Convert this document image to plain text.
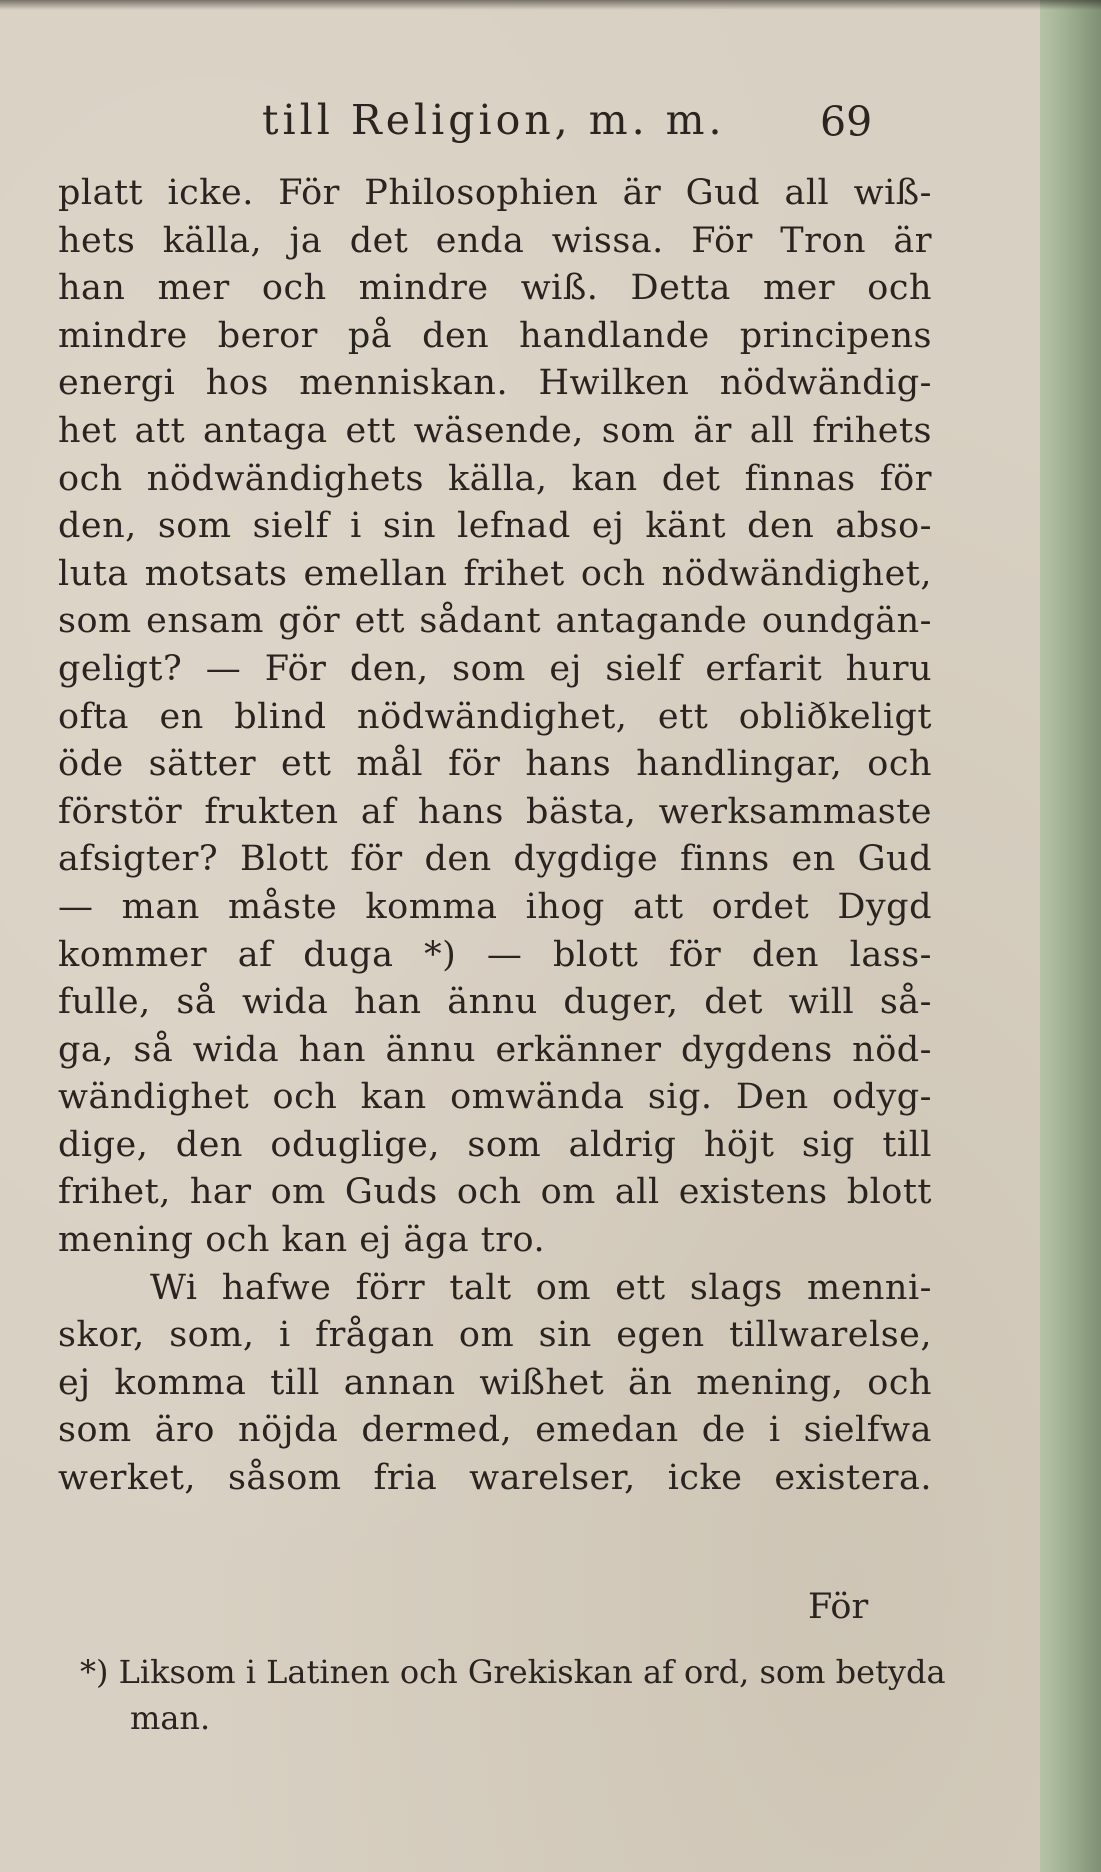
till Religion, m. m. 69
platt icke. För Philosophien är Gud all wiß-
hets källa, ja det enda wissa. För Tron är
han mer och mindre wiß. Detta mer och
mindre beror på den handlande principens
energi hos menniskan. Hwilken nödwändig-
het att antaga ett wäsende, som är all frihets
och nödwändighets källa, kan det finnas för
den, som sielf i sin lefnad ej känt den abso-
luta motsats emellan frihet och nödwändighet,
som ensam gör ett sådant antagande oundgän-
geligt? — För den, som ej sielf erfarit huru
ofta en blind nödwändighet, ett obliðkeligt
öde sätter ett mål för hans handlingar, och
förstör frukten af hans bästa, werksammaste
afsigter? Blott för den dygdige finns en Gud
— man måste komma ihog att ordet Dygd
kommer af duga *) — blott för den lass-
fulle, så wida han ännu duger, det will så-
ga, så wida han ännu erkänner dygdens nöd-
wändighet och kan omwända sig. Den odyg-
dige, den oduglige, som aldrig höjt sig till
frihet, har om Guds och om all existens blott
mening och kan ej äga tro.
Wi hafwe förr talt om ett slags menni-
skor, som, i frågan om sin egen tillwarelse,
ej komma till annan wißhet än mening, och
som äro nöjda dermed, emedan de i sielfwa
werket, såsom fria warelser, icke existera.
För
*) Liksom i Latinen och Grekiskan af ord, som betyda
man.
